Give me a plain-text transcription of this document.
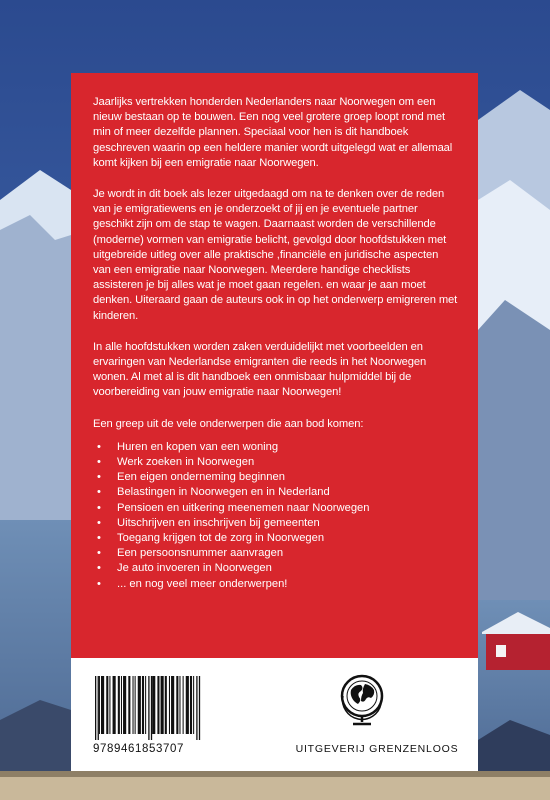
Jaarlijks vertrekken honderden Nederlanders naar Noorwegen om een nieuw bestaan op te bouwen. Een nog veel grotere groep loopt rond met min of meer dezelfde plannen. Speciaal voor hen is dit handboek geschreven waarin op een heldere manier wordt uitgelegd wat er allemaal komt kijken bij een emigratie naar Noorwegen.

Je wordt in dit boek als lezer uitgedaagd om na te denken over de reden van je emigratiewens en je onderzoekt of jij en je eventuele partner geschikt zijn om de stap te wagen. Daarnaast worden de verschillende (moderne) vormen van emigratie belicht, gevolgd door hoofdstukken met uitgebreide uitleg over alle praktische ,financiële en juridische aspecten van een emigratie naar Noorwegen. Meerdere handige checklists assisteren je bij alles wat je moet gaan regelen. en waar je aan moet denken. Uiteraard gaan de auteurs ook in op het onderwerp emigreren met kinderen.

In alle hoofdstukken worden zaken verduidelijkt met voorbeelden en ervaringen van Nederlandse emigranten die reeds in het Noorwegen wonen. Al met al is dit handboek een onmisbaar hulpmiddel bij de voorbereiding van jouw emigratie naar Noorwegen!

Een greep uit de vele onderwerpen die aan bod komen:

• Huren en kopen van een woning
• Werk zoeken in Noorwegen
• Een eigen onderneming beginnen
• Belastingen in Noorwegen en in Nederland
• Pensioen en uitkering meenemen naar Noorwegen
• Uitschrijven en inschrijven bij gemeenten
• Toegang krijgen tot de zorg in Noorwegen
• Een persoonsnummer aanvragen
• Je auto invoeren in Noorwegen
• ... en nog veel meer onderwerpen!
9789461853707	UITGEVERIJ GRENZENLOOS
